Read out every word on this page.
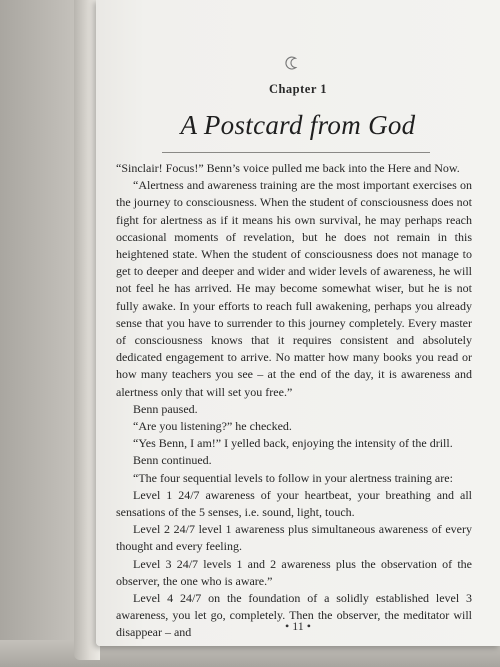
Chapter 1
A Postcard from God

“Sinclair! Focus!” Benn’s voice pulled me back into the Here and Now.

“Alertness and awareness training are the most important exercises on the journey to consciousness. When the student of consciousness does not fight for alertness as if it means his own survival, he may perhaps reach occasional moments of revelation, but he does not remain in this heightened state. When the student of consciousness does not manage to get to deeper and deeper and wider and wider levels of awareness, he will not feel he has arrived. He may become somewhat wiser, but he is not fully awake. In your efforts to reach full awakening, perhaps you already sense that you have to surrender to this journey completely. Every master of consciousness knows that it requires consistent and absolutely dedicated engagement to arrive. No matter how many books you read or how many teachers you see – at the end of the day, it is awareness and alertness only that will set you free.”

Benn paused.

“Are you listening?” he checked.

“Yes Benn, I am!” I yelled back, enjoying the intensity of the drill.

Benn continued.

“The four sequential levels to follow in your alertness training are:

Level 1 24/7 awareness of your heartbeat, your breathing and all sensations of the 5 senses, i.e. sound, light, touch.

Level 2 24/7 level 1 awareness plus simultaneous awareness of every thought and every feeling.

Level 3 24/7 levels 1 and 2 awareness plus the observation of the observer, the one who is aware.”

Level 4 24/7 on the foundation of a solidly established level 3 awareness, you let go, completely. Then the observer, the meditator will disappear – and	• 11 •
